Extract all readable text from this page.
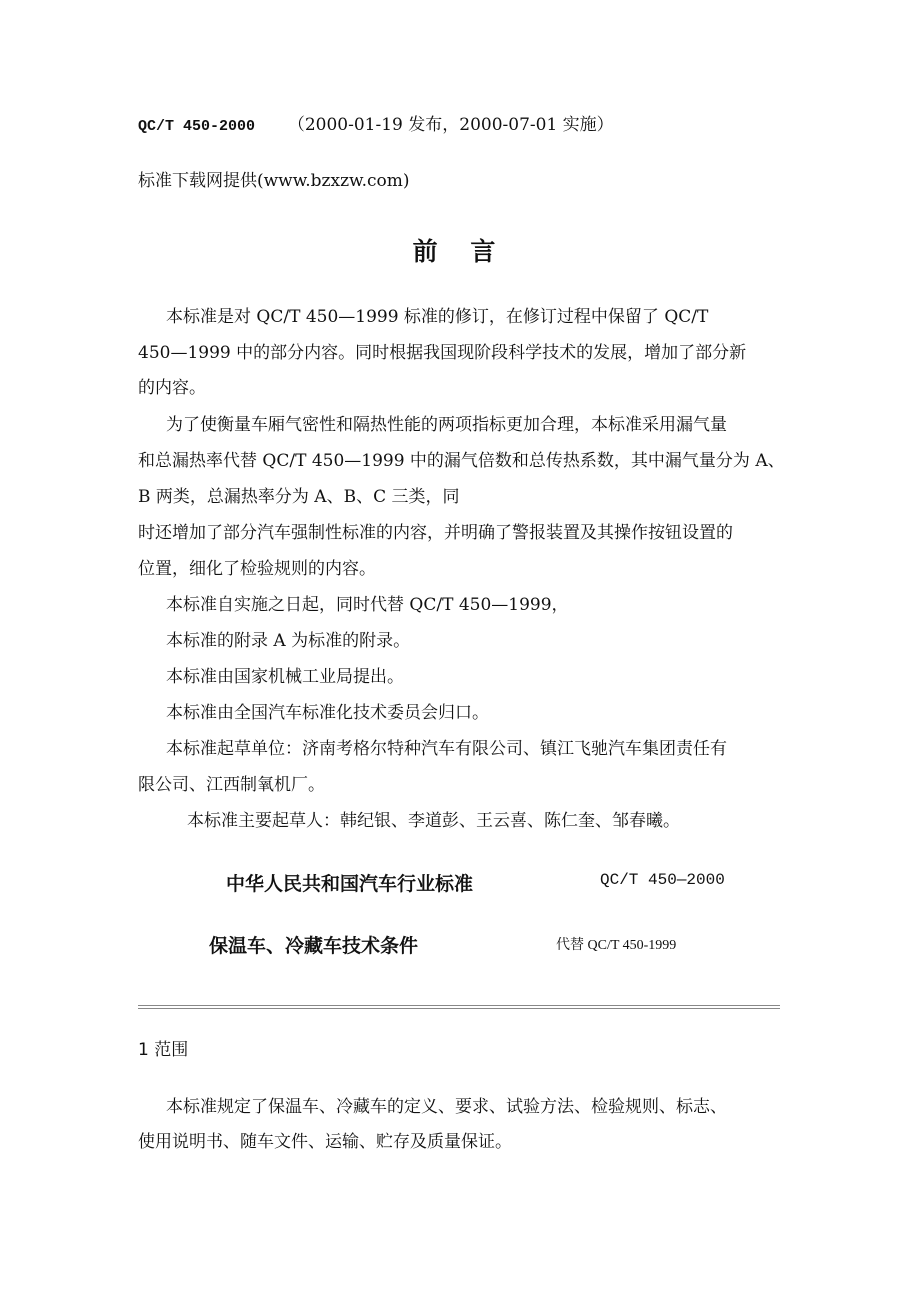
QC/T 450-2000 （2000-01-19 发布，2000-07-01 实施）
标准下载网提供(www.bzxzw.com)
前 言
本标准是对 QC/T 450—1999 标准的修订，在修订过程中保留了 QC/T
450—1999 中的部分内容。同时根据我国现阶段科学技术的发展，增加了部分新
的内容。
为了使衡量车厢气密性和隔热性能的两项指标更加合理，本标准采用漏气量
和总漏热率代替 QC/T 450—1999 中的漏气倍数和总传热系数，其中漏气量分为 A、
B 两类，总漏热率分为 A、B、C 三类，同
时还增加了部分汽车强制性标准的内容，并明确了警报装置及其操作按钮设置的
位置，细化了检验规则的内容。
本标准自实施之日起，同时代替 QC/T 450—1999，
本标准的附录 A 为标准的附录。
本标准由国家机械工业局提出。
本标准由全国汽车标准化技术委员会归口。
本标准起草单位：济南考格尔特种汽车有限公司、镇江飞驰汽车集团责任有
限公司、江西制氧机厂。
本标准主要起草人：韩纪银、李道彭、王云喜、陈仁奎、邹春曦。
中华人民共和国汽车行业标准	QC/T 450—2000
保温车、冷藏车技术条件	代替 QC/T 450-1999
1 范围
本标准规定了保温车、冷藏车的定义、要求、试验方法、检验规则、标志、
使用说明书、随车文件、运输、贮存及质量保证。
